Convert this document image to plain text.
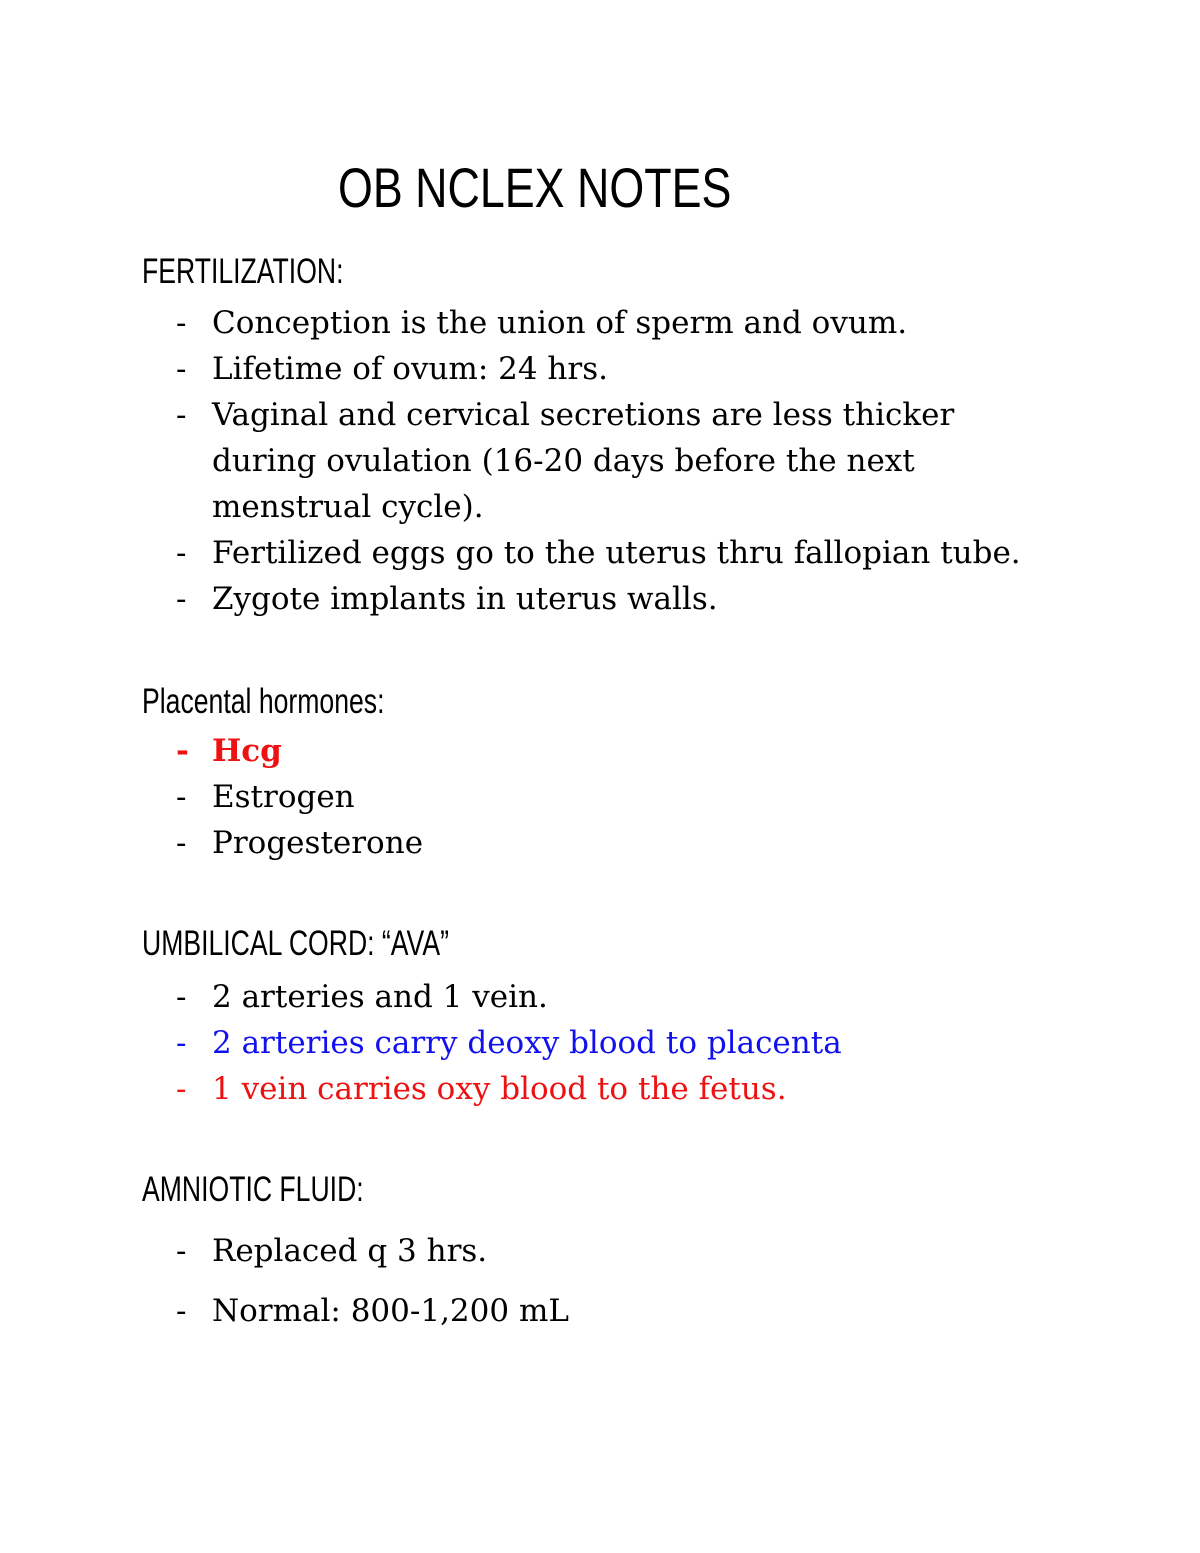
OB NCLEX NOTES
FERTILIZATION:
- Conception is the union of sperm and ovum.
- Lifetime of ovum: 24 hrs.
- Vaginal and cervical secretions are less thicker during ovulation (16-20 days before the next menstrual cycle).
- Fertilized eggs go to the uterus thru fallopian tube.
- Zygote implants in uterus walls.
Placental hormones:
- Hcg
- Estrogen
- Progesterone
UMBILICAL CORD: “AVA”
- 2 arteries and 1 vein.
- 2 arteries carry deoxy blood to placenta
- 1 vein carries oxy blood to the fetus.
AMNIOTIC FLUID:
- Replaced q 3 hrs.
- Normal: 800-1,200 mL
